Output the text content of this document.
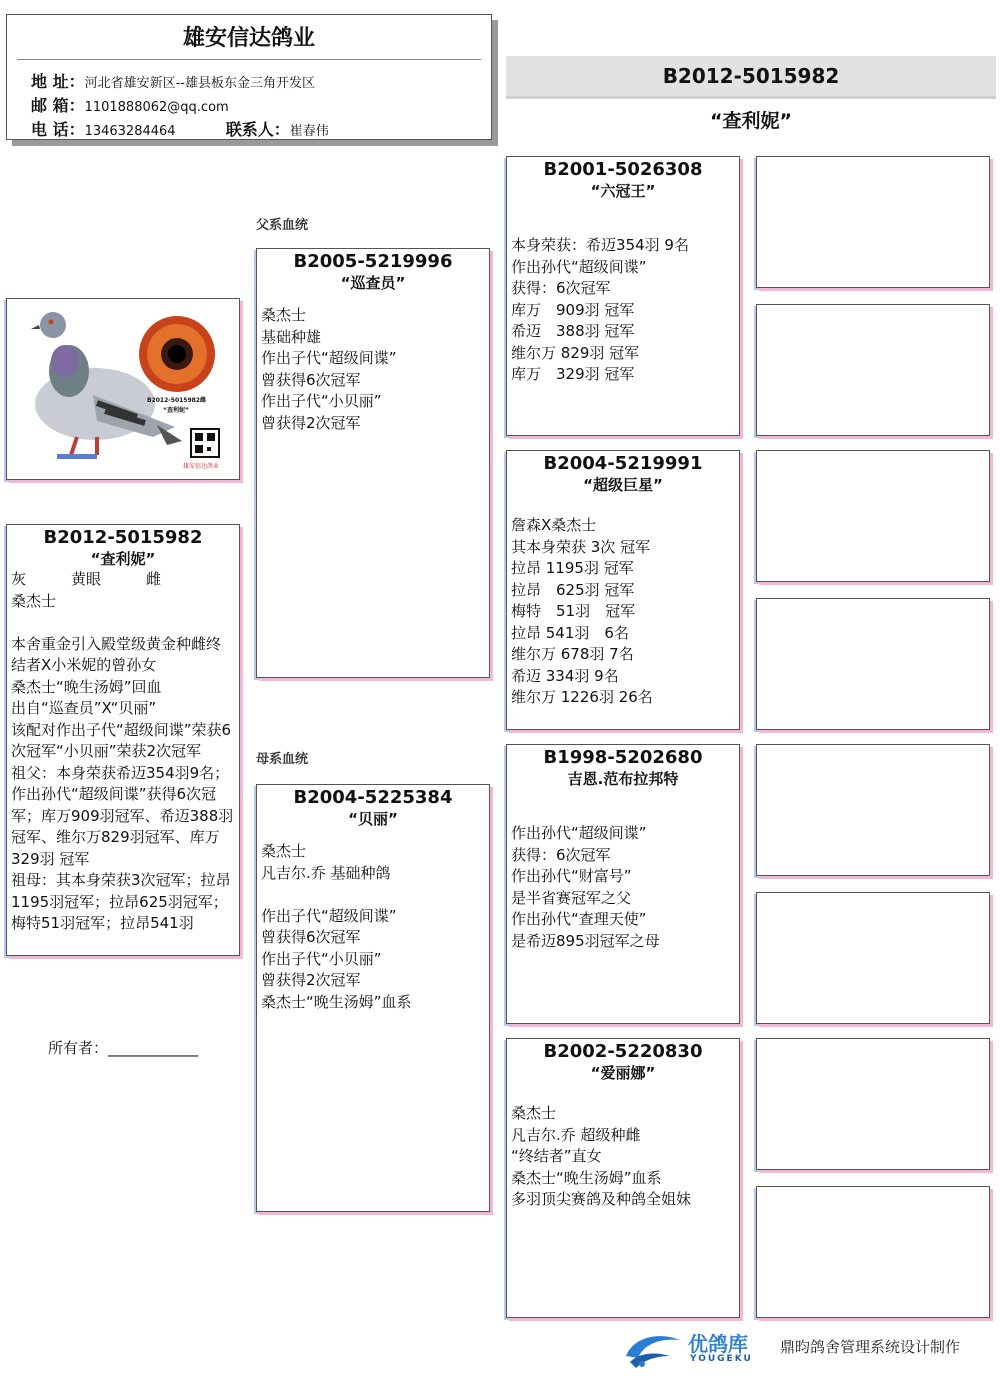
雄安信达鸽业
地 址：河北省雄安新区--雄县板东金三角开发区
邮 箱：1101888062@qq.com
电 话：13463284464	联系人：崔春伟
B2012-5015982
“查利妮”
父系血统
母系血统
B2012-5015982雌
“查利妮”
雄安信达鸽业
B2012-5015982
“查利妮”
灰　　　黄眼　　　雌
桑杰士

本舍重金引入殿堂级黄金种雌终结者X小米妮的曾孙女
桑杰士“晚生汤姆”回血
出自“巡查员”X“贝丽”
该配对作出子代“超级间谍”荣获6次冠军“小贝丽”荣获2次冠军
祖父：本身荣获希迈354羽9名；作出孙代“超级间谍”获得6次冠军；库万909羽冠军、希迈388羽冠军、维尔万829羽冠军、库万329羽 冠军
祖母：其本身荣获3次冠军；拉昂1195羽冠军；拉昂625羽冠军；梅特51羽冠军；拉昂541羽
所有者：____________
B2005-5219996
“巡查员”
桑杰士
基础种雄
作出子代“超级间谍”
曾获得6次冠军
作出子代“小贝丽”
曾获得2次冠军
B2004-5225384
“贝丽”
桑杰士
凡吉尔.乔 基础种鸽

作出子代“超级间谍”
曾获得6次冠军
作出子代“小贝丽”
曾获得2次冠军
桑杰士“晚生汤姆”血系
B2001-5026308
“六冠王”
本身荣获：希迈354羽 9名
作出孙代“超级间谍”
获得：6次冠军
库万　909羽 冠军
希迈　388羽 冠军
维尔万 829羽 冠军
库万　329羽 冠军
B2004-5219991
“超级巨星”
詹森X桑杰士
其本身荣获 3次 冠军
拉昂 1195羽 冠军
拉昂　625羽 冠军
梅特　51羽　冠军
拉昂 541羽　6名
维尔万 678羽 7名
希迈 334羽 9名
维尔万 1226羽 26名
B1998-5202680
吉恩.范布拉邦特
作出孙代“超级间谍”
获得：6次冠军
作出孙代“财富号”
是半省赛冠军之父
作出孙代“查理天使”
是希迈895羽冠军之母
B2002-5220830
“爱丽娜”
桑杰士
凡吉尔.乔 超级种雌
“终结者”直女
桑杰士“晚生汤姆”血系
多羽顶尖赛鸽及种鸽全姐妹
优鸽库
YOUGEKU
鼎昀鸽舍管理系统设计制作
